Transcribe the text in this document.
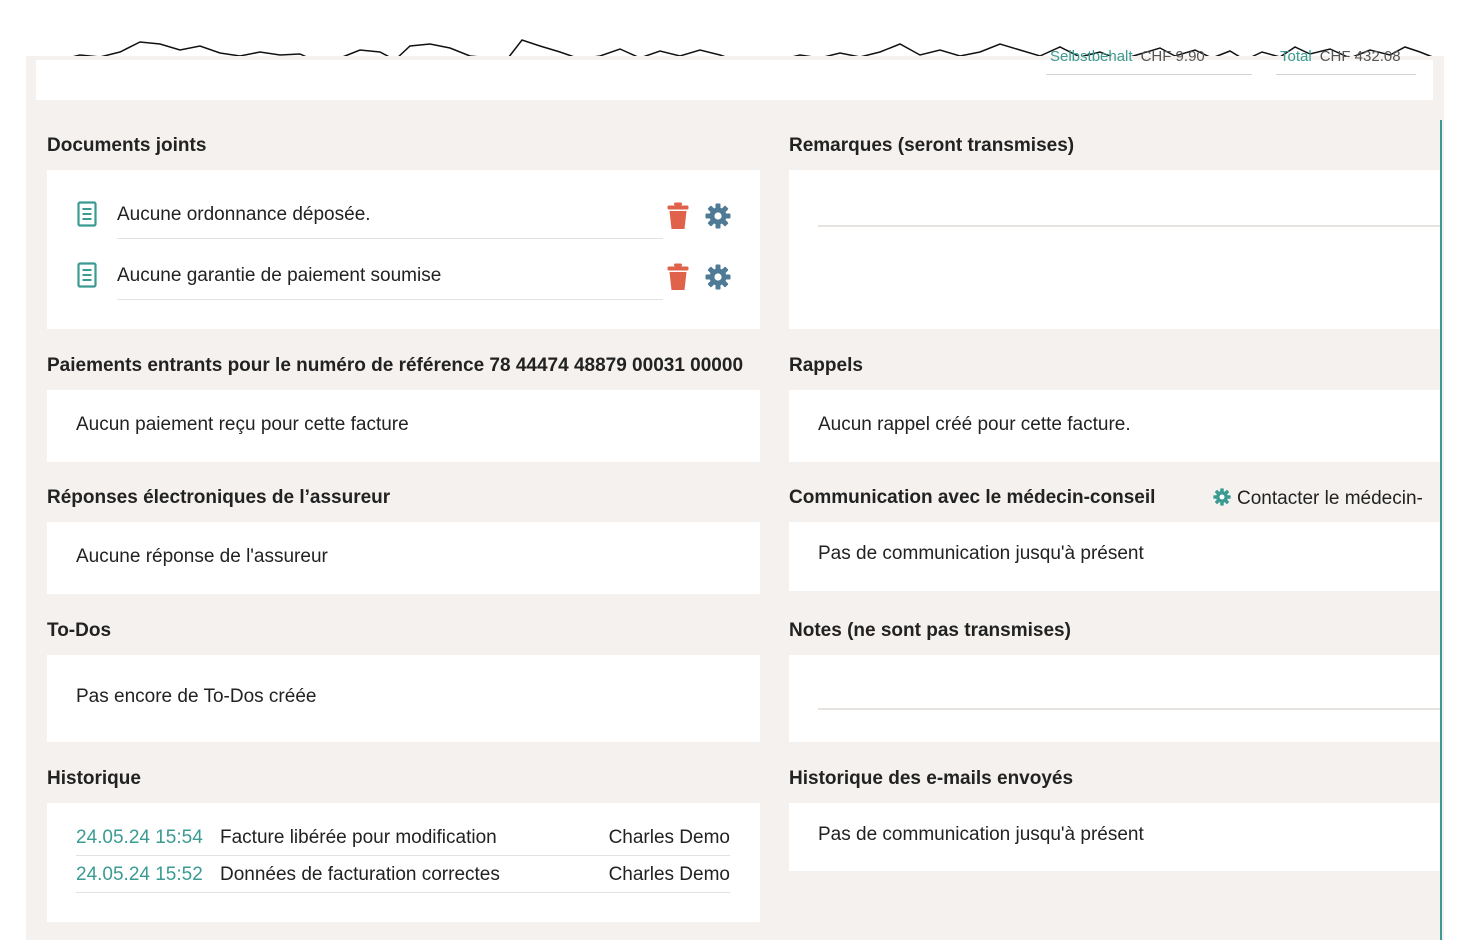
Selbstbehalt CHF 9.90	Total CHF 432.08
Documents joints
Aucune ordonnance déposée.
Aucune garantie de paiement soumise
Remarques (seront transmises)
Paiements entrants pour le numéro de référence 78 44474 48879 00031 00000
Aucun paiement reçu pour cette facture
Rappels
Aucun rappel créé pour cette facture.
Réponses électroniques de l’assureur
Aucune réponse de l'assureur
Communication avec le médecin-conseil	Contacter le médecin-
Pas de communication jusqu'à présent
To-Dos
Pas encore de To-Dos créée
Notes (ne sont pas transmises)
Historique
24.05.24 15:54 Facture libérée pour modification	Charles Demo
24.05.24 15:52 Données de facturation correctes	Charles Demo
Historique des e-mails envoyés
Pas de communication jusqu'à présent
